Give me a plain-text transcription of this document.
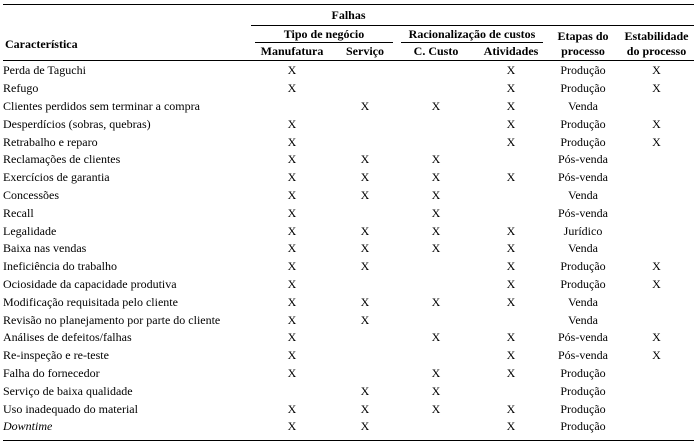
Falhas
Característica
Tipo de negócio	Racionalização de custos
Manufatura	Serviço	C. Custo	Atividades
Etapas do
processo
Estabilidade
do processo
Perda de Taguchi	X			X	Produção	X
Refugo	X			X	Produção	X
Clientes perdidos sem terminar a compra		X	X	X	Venda	
Desperdícios (sobras, quebras)	X			X	Produção	X
Retrabalho e reparo	X			X	Produção	X
Reclamações de clientes	X	X	X		Pós-venda	
Exercícios de garantia	X	X	X	X	Pós-venda	
Concessões	X	X	X		Venda	
Recall	X		X		Pós-venda	
Legalidade	X	X	X	X	Jurídico	
Baixa nas vendas	X	X	X	X	Venda	
Ineficiência do trabalho	X	X		X	Produção	X
Ociosidade da capacidade produtiva	X			X	Produção	X
Modificação requisitada pelo cliente	X	X	X	X	Venda	
Revisão no planejamento por parte do cliente	X	X			Venda	
Análises de defeitos/falhas	X		X	X	Pós-venda	X
Re-inspeção e re-teste	X			X	Pós-venda	X
Falha do fornecedor	X		X	X	Produção	
Serviço de baixa qualidade		X	X		Produção	
Uso inadequado do material	X	X	X	X	Produção	
Downtime	X	X		X	Produção	
